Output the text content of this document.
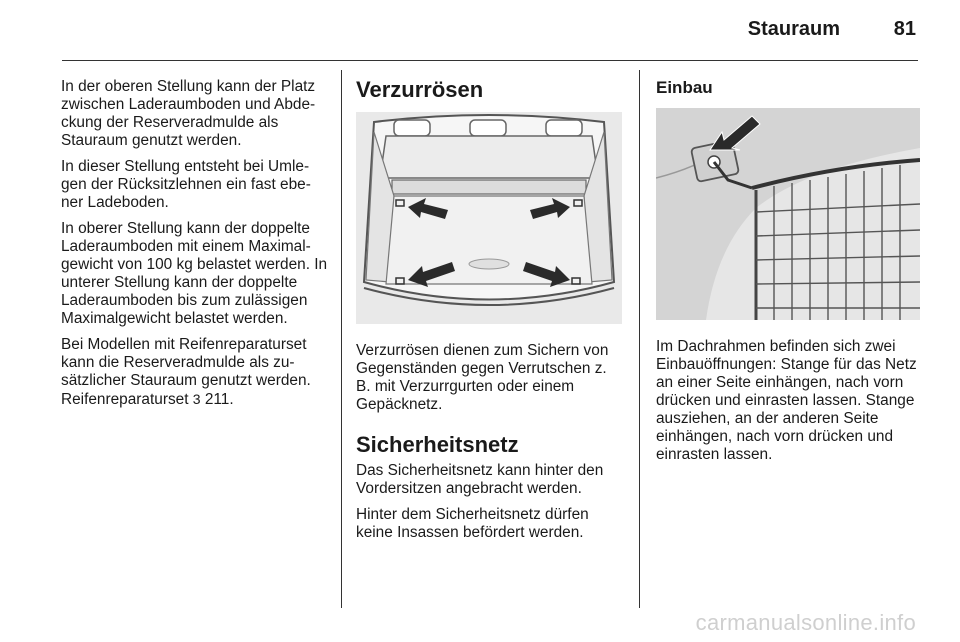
Stauraum	81

In der oberen Stellung kann der Platz zwischen Laderaumboden und Abde-ckung der Reserveradmulde als Stauraum genutzt werden.

In dieser Stellung entsteht bei Umle-gen der Rücksitzlehnen ein fast ebe-ner Ladeboden.

In oberer Stellung kann der doppelte Laderaumboden mit einem Maximal-gewicht von 100 kg belastet werden. In unterer Stellung kann der doppelte Laderaumboden bis zum zulässigen Maximalgewicht belastet werden.

Bei Modellen mit Reifenreparaturset kann die Reserveradmulde als zu-sätzlicher Stauraum genutzt werden. Reifenreparaturset 3 211.

Verzurrösen

Verzurrösen dienen zum Sichern von Gegenständen gegen Verrutschen z. B. mit Verzurrgurten oder einem Gepäcknetz.

Sicherheitsnetz

Das Sicherheitsnetz kann hinter den Vordersitzen angebracht werden.

Hinter dem Sicherheitsnetz dürfen keine Insassen befördert werden.

Einbau

Im Dachrahmen befinden sich zwei Einbauöffnungen: Stange für das Netz an einer Seite einhängen, nach vorn drücken und einrasten lassen. Stange ausziehen, an der anderen Seite einhängen, nach vorn drücken und einrasten lassen.

carmanualsonline.info
